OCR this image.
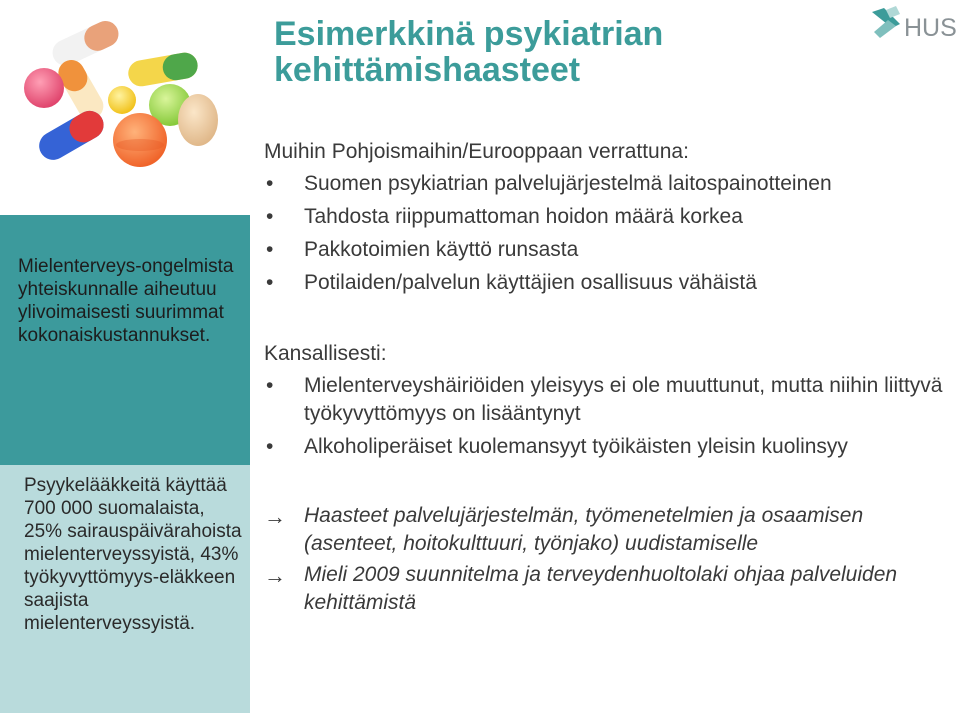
Esimerkkinä psykiatrian kehittämishaasteet
HUS

Mielenterveys-ongelmista yhteiskunnalle aiheutuu ylivoimaisesti suurimmat kokonaiskustannukset.

Psyykelääkkeitä käyttää 700 000 suomalaista, 25% sairauspäivärahoista mielenterveyssyistä, 43% työkyvyttömyys-eläkkeen saajista mielenterveyssyistä.

Muihin Pohjoismaihin/Eurooppaan verrattuna:

• Suomen psykiatrian palvelujärjestelmä laitospainotteinen
• Tahdosta riippumattoman hoidon määrä korkea
• Pakkotoimien käyttö runsasta
• Potilaiden/palvelun käyttäjien osallisuus vähäistä

Kansallisesti:

• Mielenterveyshäiriöiden yleisyys ei ole muuttunut, mutta niihin liittyvä työkyvyttömyys on lisääntynyt
• Alkoholiperäiset kuolemansyyt työikäisten yleisin kuolinsyy
→ Haasteet palvelujärjestelmän, työmenetelmien ja osaamisen (asenteet, hoitokulttuuri, työnjako) uudistamiselle
→ Mieli 2009 suunnitelma ja terveydenhuoltolaki ohjaa palveluiden kehittämistä
